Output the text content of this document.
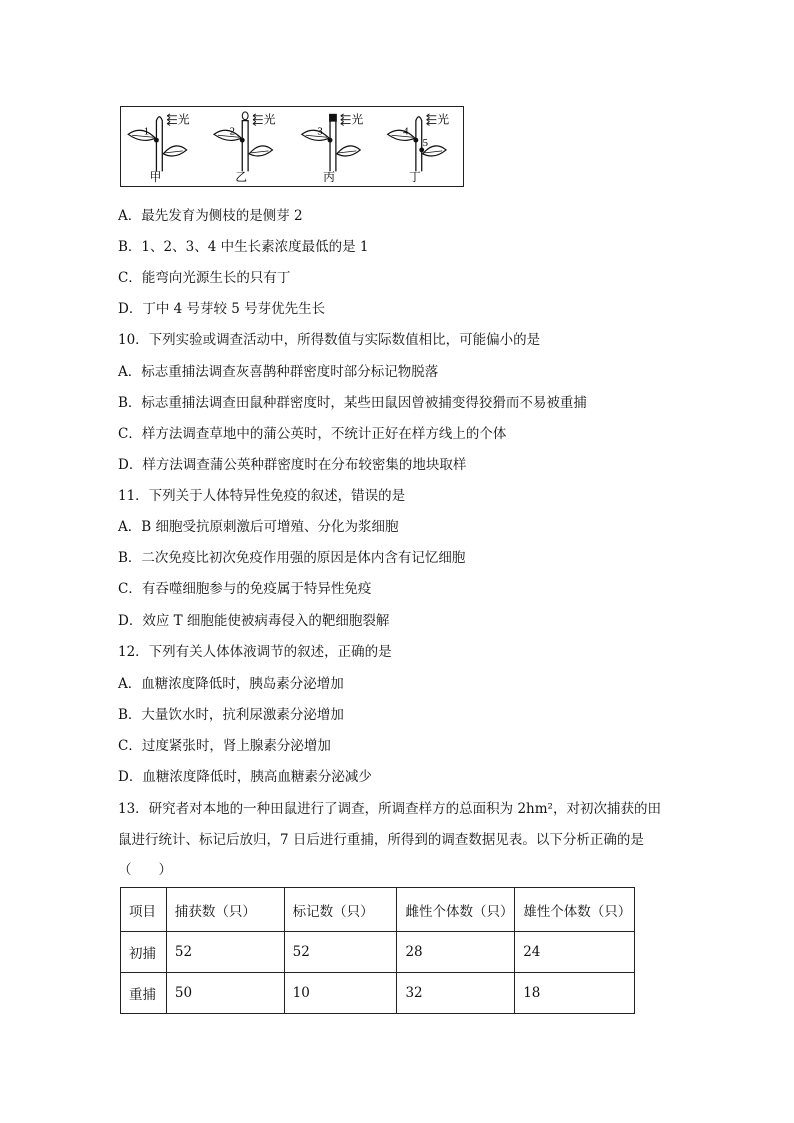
1
光
甲
2
光
乙
3
光
丙
4
5
光
丁
A．最先发育为侧枝的是侧芽 2
B．1、2、3、4 中生长素浓度最低的是 1
C．能弯向光源生长的只有丁
D．丁中 4 号芽较 5 号芽优先生长
10．下列实验或调查活动中，所得数值与实际数值相比，可能偏小的是
A．标志重捕法调查灰喜鹊种群密度时部分标记物脱落
B．标志重捕法调查田鼠种群密度时，某些田鼠因曾被捕变得狡猾而不易被重捕
C．样方法调查草地中的蒲公英时，不统计正好在样方线上的个体
D．样方法调查蒲公英种群密度时在分布较密集的地块取样
11．下列关于人体特异性免疫的叙述，错误的是
A．B 细胞受抗原刺激后可增殖、分化为浆细胞
B．二次免疫比初次免疫作用强的原因是体内含有记忆细胞
C．有吞噬细胞参与的免疫属于特异性免疫
D．效应 T 细胞能使被病毒侵入的靶细胞裂解
12．下列有关人体体液调节的叙述，正确的是
A．血糖浓度降低时，胰岛素分泌增加
B．大量饮水时，抗利尿激素分泌增加
C．过度紧张时，肾上腺素分泌增加
D．血糖浓度降低时，胰高血糖素分泌减少
13．研究者对本地的一种田鼠进行了调查，所调查样方的总面积为 2hm²，对初次捕获的田
鼠进行统计、标记后放归，7 日后进行重捕，所得到的调查数据见表。以下分析正确的是
（　　）
项目	捕获数（只）	标记数（只）	雌性个体数（只）	雄性个体数（只）
初捕	52	52	28	24
重捕	50	10	32	18
